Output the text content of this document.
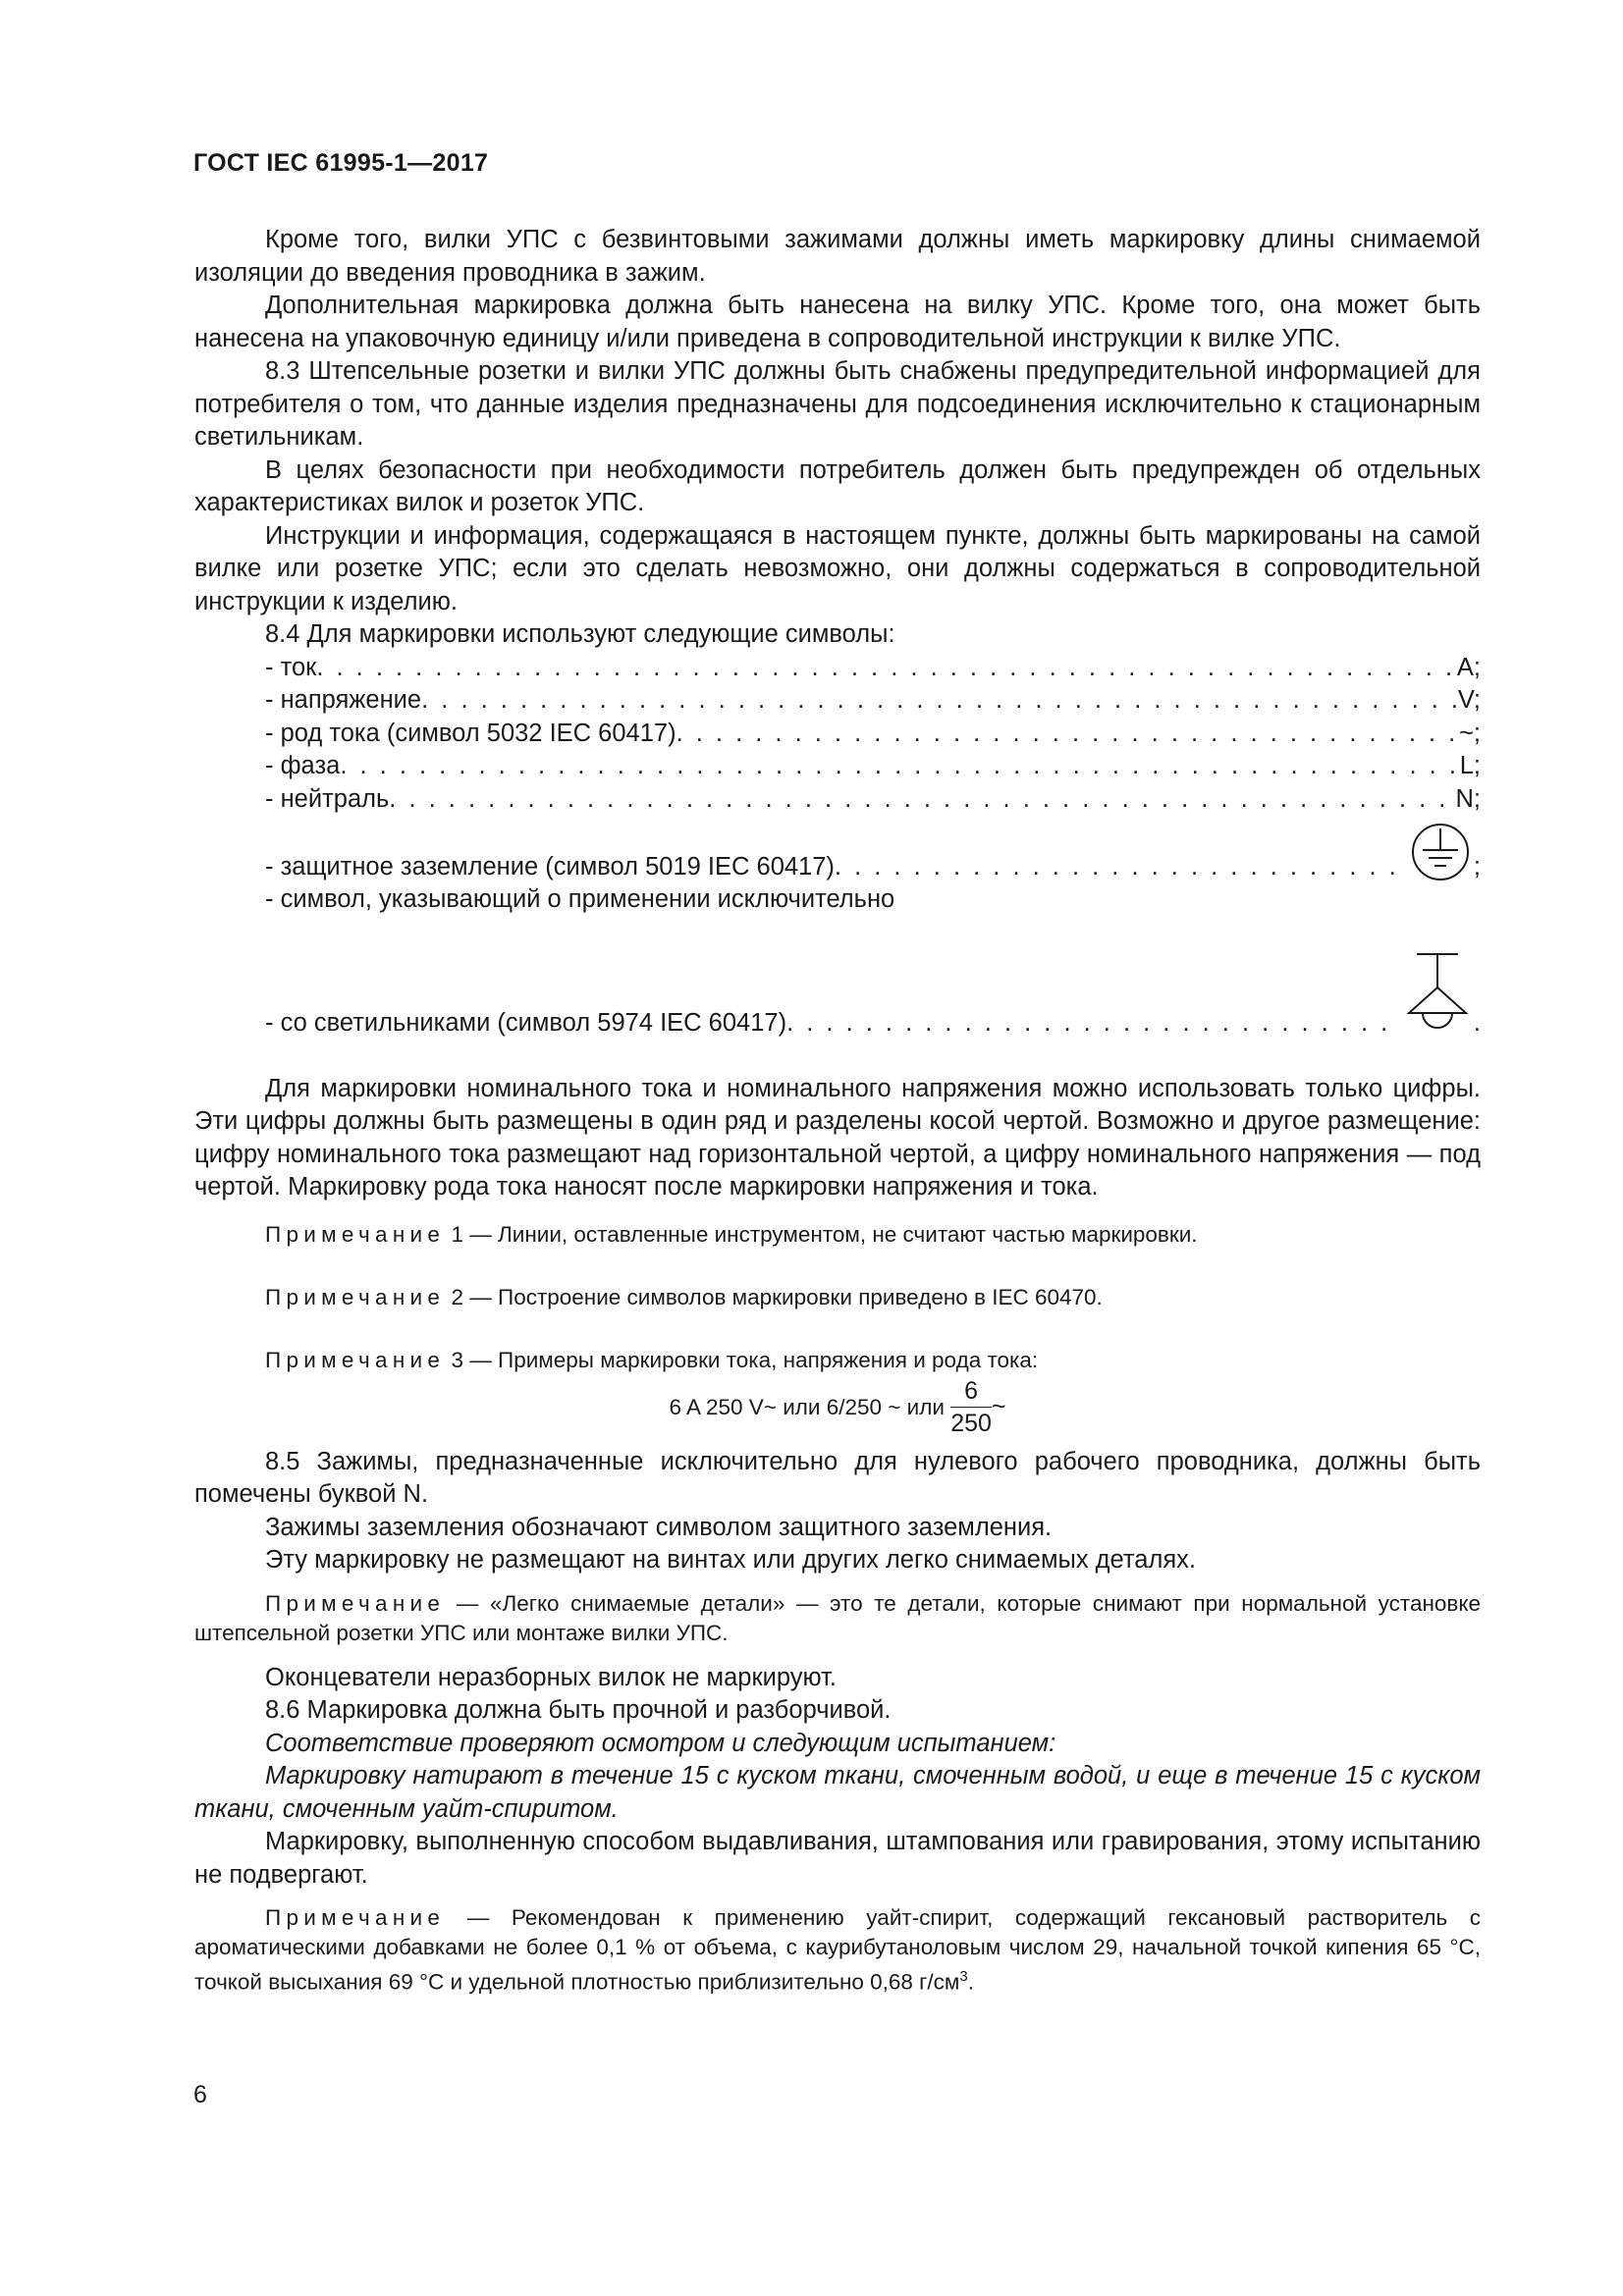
ГОСТ IEC 61995-1—2017

Кроме того, вилки УПС с безвинтовыми зажимами должны иметь маркировку длины снимаемой изоляции до введения проводника в зажим.

Дополнительная маркировка должна быть нанесена на вилку УПС. Кроме того, она может быть нанесена на упаковочную единицу и/или приведена в сопроводительной инструкции к вилке УПС.

8.3 Штепсельные розетки и вилки УПС должны быть снабжены предупредительной информацией для потребителя о том, что данные изделия предназначены для подсоединения исключительно к стационарным светильникам.

В целях безопасности при необходимости потребитель должен быть предупрежден об отдельных характеристиках вилок и розеток УПС.

Инструкции и информация, содержащаяся в настоящем пункте, должны быть маркированы на самой вилке или розетке УПС; если это сделать невозможно, они должны содержаться в сопроводительной инструкции к изделию.

8.4 Для маркировки используют следующие символы:

- ток . . .	A;
- напряжение . . .	V;
- род тока (символ 5032 IEC 60417) . . .	~;
- фаза . . .	L;
- нейтраль . . .	N;
- защитное заземление (символ 5019 IEC 60417) . . .	;
- символ, указывающий о применении исключительно
- со светильниками (символ 5974 IEC 60417) . . .	.

Для маркировки номинального тока и номинального напряжения можно использовать только цифры. Эти цифры должны быть размещены в один ряд и разделены косой чертой. Возможно и другое размещение: цифру номинального тока размещают над горизонтальной чертой, а цифру номинального напряжения — под чертой. Маркировку рода тока наносят после маркировки напряжения и тока.

Примечание 1 — Линии, оставленные инструментом, не считают частью маркировки.

Примечание 2 — Построение символов маркировки приведено в IEC 60470.

Примечание 3 — Примеры маркировки тока, напряжения и рода тока:

6 A 250 V~ или 6/250 ~ или $\frac{6}{250}$ ~

8.5 Зажимы, предназначенные исключительно для нулевого рабочего проводника, должны быть помечены буквой N.

Зажимы заземления обозначают символом защитного заземления.

Эту маркировку не размещают на винтах или других легко снимаемых деталях.

Примечание — «Легко снимаемые детали» — это те детали, которые снимают при нормальной установке штепсельной розетки УПС или монтаже вилки УПС.

Оконцеватели неразборных вилок не маркируют.

8.6 Маркировка должна быть прочной и разборчивой.

Соответствие проверяют осмотром и следующим испытанием:

Маркировку натирают в течение 15 с куском ткани, смоченным водой, и еще в течение 15 с куском ткани, смоченным уайт-спиритом.

Маркировку, выполненную способом выдавливания, штампования или гравирования, этому испытанию не подвергают.

Примечание — Рекомендован к применению уайт-спирит, содержащий гексановый растворитель с ароматическими добавками не более 0,1 % от объема, с каурибутаноловым числом 29, начальной точкой кипения 65 °С, точкой высыхания 69 °С и удельной плотностью приблизительно 0,68 $г/см^3$.

6
